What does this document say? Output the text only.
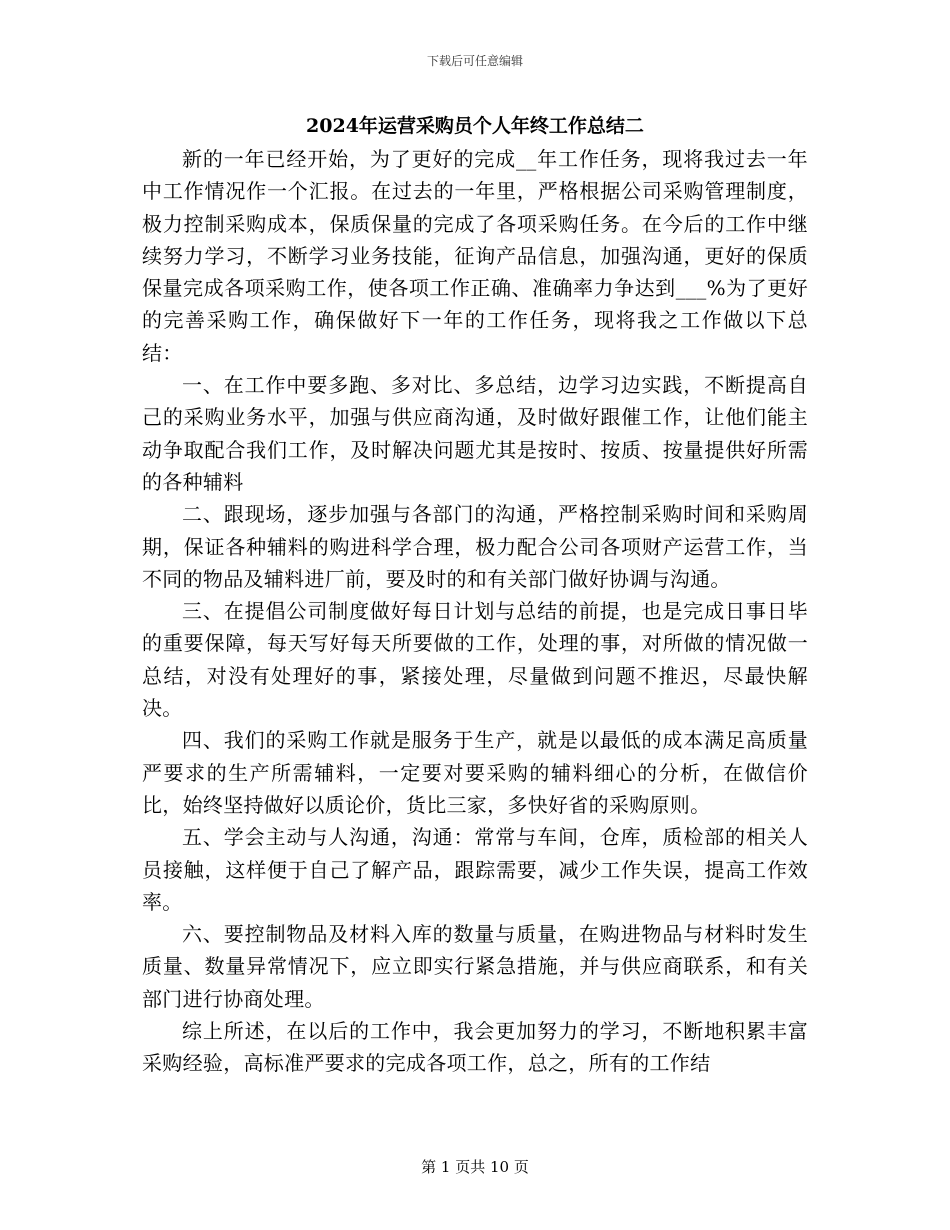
下载后可任意编辑
2024年运营采购员个人年终工作总结二

新的一年已经开始，为了更好的完成__年工作任务，现将我过去一年中工作情况作一个汇报。在过去的一年里，严格根据公司采购管理制度，极力控制采购成本，保质保量的完成了各项采购任务。在今后的工作中继续努力学习，不断学习业务技能，征询产品信息，加强沟通，更好的保质保量完成各项采购工作，使各项工作正确、准确率力争达到___%为了更好的完善采购工作，确保做好下一年的工作任务，现将我之工作做以下总结：

一、在工作中要多跑、多对比、多总结，边学习边实践，不断提高自己的采购业务水平，加强与供应商沟通，及时做好跟催工作，让他们能主动争取配合我们工作，及时解决问题尤其是按时、按质、按量提供好所需的各种辅料

二、跟现场，逐步加强与各部门的沟通，严格控制采购时间和采购周期，保证各种辅料的购进科学合理，极力配合公司各项财产运营工作，当不同的物品及辅料进厂前，要及时的和有关部门做好协调与沟通。

三、在提倡公司制度做好每日计划与总结的前提，也是完成日事日毕的重要保障，每天写好每天所要做的工作，处理的事，对所做的情况做一总结，对没有处理好的事，紧接处理，尽量做到问题不推迟，尽最快解决。

四、我们的采购工作就是服务于生产，就是以最低的成本满足高质量严要求的生产所需辅料，一定要对要采购的辅料细心的分析，在做信价比，始终坚持做好以质论价，货比三家，多快好省的采购原则。

五、学会主动与人沟通，沟通：常常与车间，仓库，质检部的相关人员接触，这样便于自己了解产品，跟踪需要，减少工作失误，提高工作效率。

六、要控制物品及材料入库的数量与质量，在购进物品与材料时发生质量、数量异常情况下，应立即实行紧急措施，并与供应商联系，和有关部门进行协商处理。

综上所述，在以后的工作中，我会更加努力的学习，不断地积累丰富采购经验，高标准严要求的完成各项工作，总之，所有的工作结

第 1 页共 10 页
